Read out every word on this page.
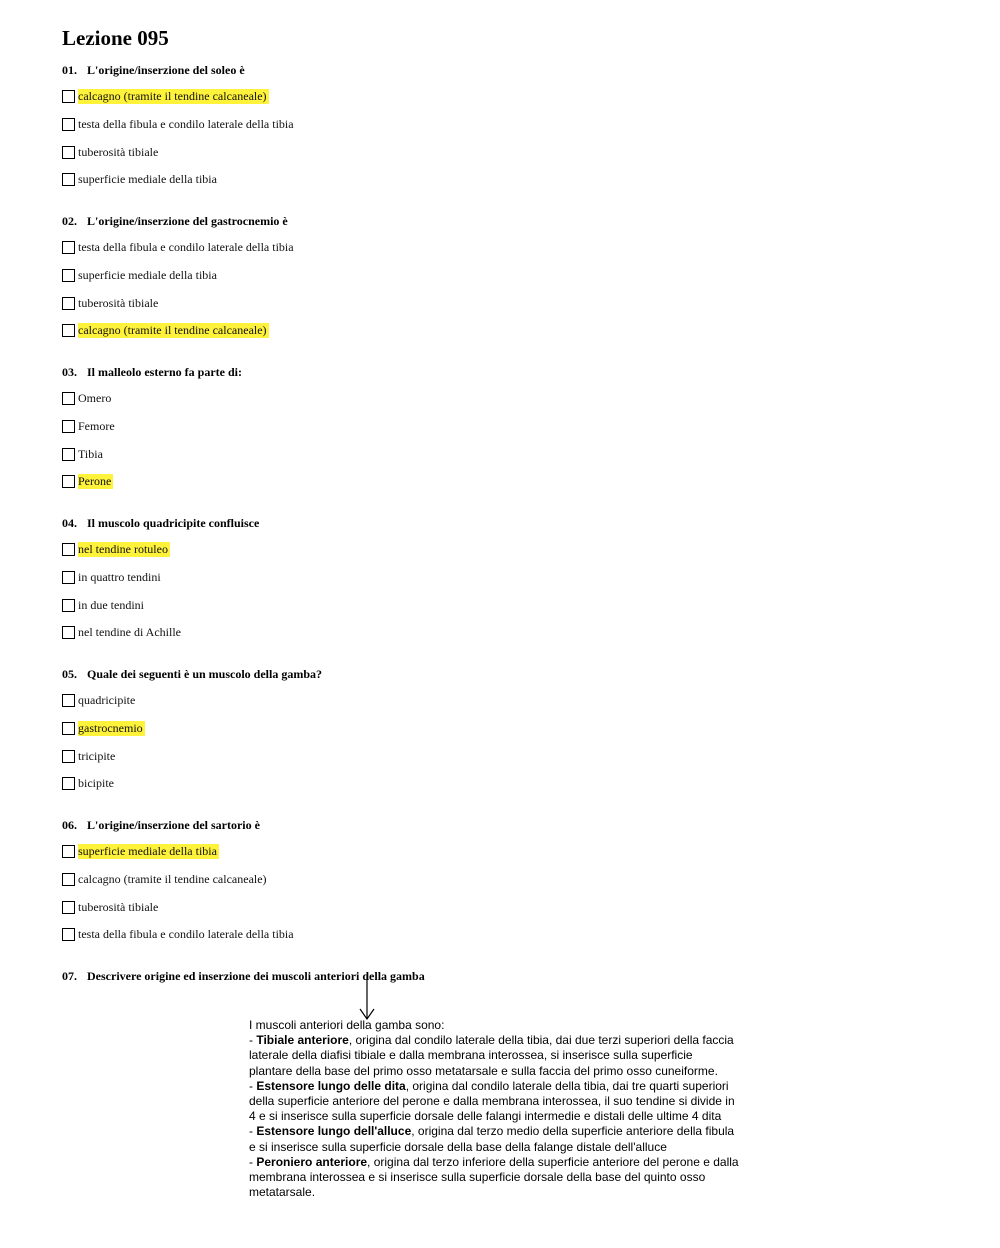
Lezione 095
01. L'origine/inserzione del soleo è
calcagno (tramite il tendine calcaneale)
testa della fibula e condilo laterale della tibia
tuberosità tibiale
superficie mediale della tibia
02. L'origine/inserzione del gastrocnemio è
testa della fibula e condilo laterale della tibia
superficie mediale della tibia
tuberosità tibiale
calcagno (tramite il tendine calcaneale)
03. Il malleolo esterno fa parte di:
Omero
Femore
Tibia
Perone
04. Il muscolo quadricipite confluisce
nel tendine rotuleo
in quattro tendini
in due tendini
nel tendine di Achille
05. Quale dei seguenti è un muscolo della gamba?
quadricipite
gastrocnemio
tricipite
bicipite
06. L'origine/inserzione del sartorio è
superficie mediale della tibia
calcagno (tramite il tendine calcaneale)
tuberosità tibiale
testa della fibula e condilo laterale della tibia
07. Descrivere origine ed inserzione dei muscoli anteriori della gamba

I muscoli anteriori della gamba sono:

- Tibiale anteriore, origina dal condilo laterale della tibia, dai due terzi superiori della faccia laterale della diafisi tibiale e dalla membrana interossea, si inserisce sulla superficie plantare della base del primo osso metatarsale e sulla faccia del primo osso cuneiforme.

- Estensore lungo delle dita, origina dal condilo laterale della tibia, dai tre quarti superiori della superficie anteriore del perone e dalla membrana interossea, il suo tendine si divide in 4 e si inserisce sulla superficie dorsale delle falangi intermedie e distali delle ultime 4 dita

- Estensore lungo dell'alluce, origina dal terzo medio della superficie anteriore della fibula e si inserisce sulla superficie dorsale della base della falange distale dell'alluce

- Peroniero anteriore, origina dal terzo inferiore della superficie anteriore del perone e dalla membrana interossea e si inserisce sulla superficie dorsale della base del quinto osso metatarsale.
